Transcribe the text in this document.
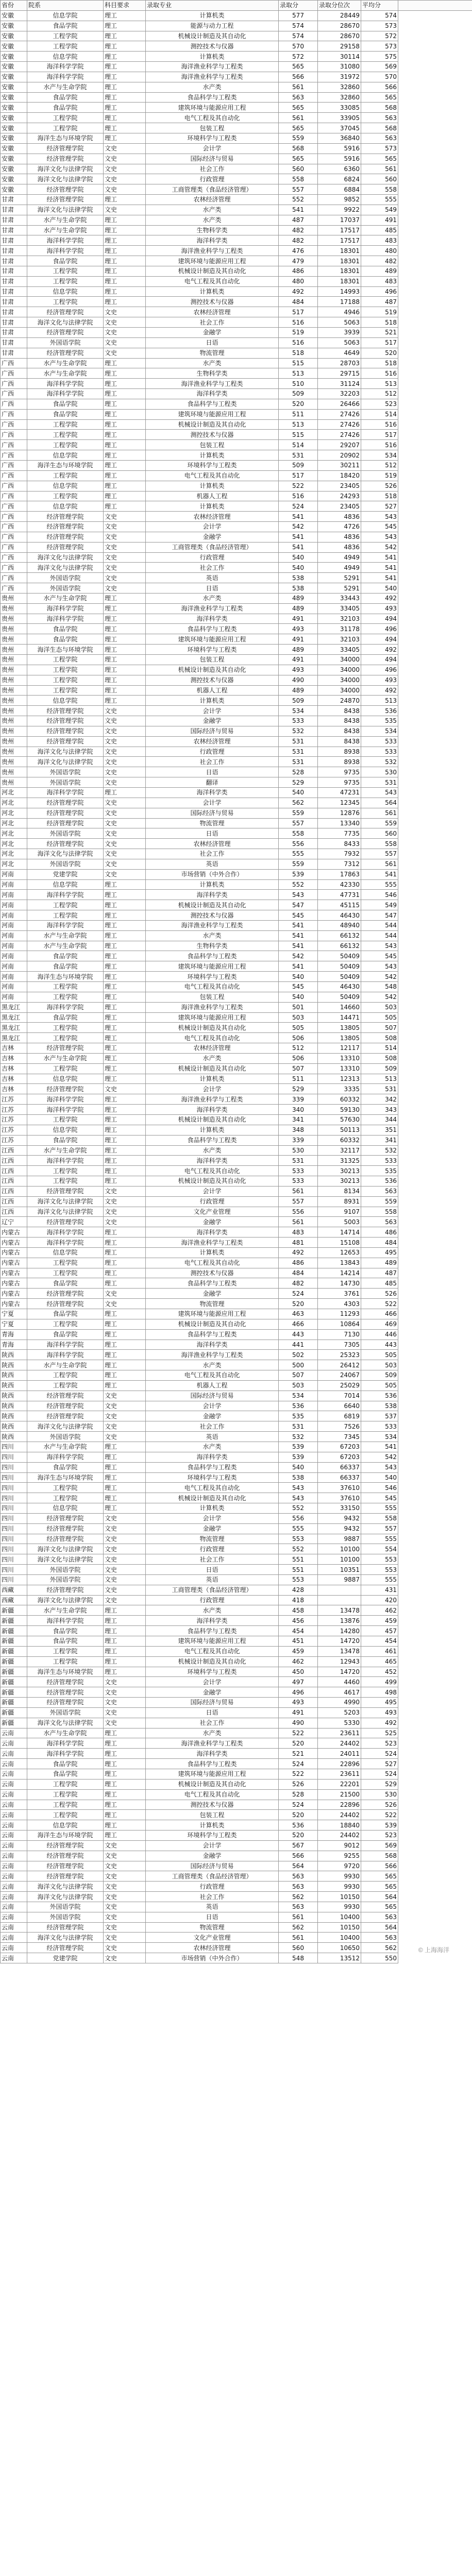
省份	院系	科目要求	录取专业	录取分	录取分位次	平均分	
安徽	信息学院	理工	计算机类	577	28449	574	
安徽	食品学院	理工	能源与动力工程	574	28670	573	
安徽	工程学院	理工	机械设计制造及其自动化	574	28670	572	
安徽	工程学院	理工	测控技术与仪器	570	29158	573	
安徽	信息学院	理工	计算机类	572	30114	575	
安徽	海洋科学学院	理工	海洋渔业科学与工程类	565	31080	569	
安徽	海洋科学学院	理工	海洋渔业科学与工程类	566	31972	570	
安徽	水产与生命学院	理工	水产类	561	32860	566	
安徽	食品学院	理工	食品科学与工程类	563	32860	565	
安徽	食品学院	理工	建筑环境与能源应用工程	565	33085	568	
安徽	工程学院	理工	电气工程及其自动化	561	33905	563	
安徽	工程学院	理工	包装工程	565	37045	568	
安徽	海洋生态与环境学院	理工	环境科学与工程类	559	36840	563	
安徽	经济管理学院	文史	会计学	568	5916	573	
安徽	经济管理学院	文史	国际经济与贸易	565	5916	565	
安徽	海洋文化与法律学院	文史	社会工作	560	6360	561	
安徽	海洋文化与法律学院	文史	行政管理	558	6824	560	
安徽	经济管理学院	文史	工商管理类（食品经济管理）	557	6884	558	
甘肃	经济管理学院	理工	农林经济管理	552	9852	555	
甘肃	海洋文化与法律学院	文史	水产类	541	9922	549	
甘肃	水产与生命学院	理工	水产类	487	17037	491	
甘肃	水产与生命学院	理工	生物科学类	482	17517	485	
甘肃	海洋科学学院	理工	海洋科学类	482	17517	483	
甘肃	海洋科学学院	理工	海洋渔业科学与工程类	476	18301	480	
甘肃	食品学院	理工	建筑环境与能源应用工程	479	18301	482	
甘肃	工程学院	理工	机械设计制造及其自动化	486	18301	489	
甘肃	工程学院	理工	电气工程及其自动化	480	18301	483	
甘肃	信息学院	理工	计算机类	492	14993	496	
甘肃	工程学院	理工	测控技术与仪器	484	17188	487	
甘肃	经济管理学院	文史	农林经济管理	517	4946	519	
甘肃	海洋文化与法律学院	文史	社会工作	516	5063	518	
甘肃	经济管理学院	文史	金融学	519	3939	521	
甘肃	外国语学院	文史	日语	516	5063	517	
甘肃	经济管理学院	文史	物流管理	518	4649	520	
广西	水产与生命学院	理工	水产类	515	28703	518	
广西	水产与生命学院	理工	生物科学类	513	29715	516	
广西	海洋科学学院	理工	海洋渔业科学与工程类	510	31124	513	
广西	海洋科学学院	理工	海洋科学类	509	32203	512	
广西	食品学院	理工	食品科学与工程类	520	26466	523	
广西	食品学院	理工	建筑环境与能源应用工程	511	27426	514	
广西	工程学院	理工	机械设计制造及其自动化	513	27426	516	
广西	工程学院	理工	测控技术与仪器	515	27426	517	
广西	工程学院	理工	包装工程	514	29207	516	
广西	信息学院	理工	计算机类	531	20902	534	
广西	海洋生态与环境学院	理工	环境科学与工程类	509	30211	512	
广西	工程学院	理工	电气工程及其自动化	517	18420	519	
广西	信息学院	理工	计算机类	522	23405	526	
广西	工程学院	理工	机器人工程	516	24293	518	
广西	信息学院	理工	计算机类	524	23405	527	
广西	经济管理学院	文史	农林经济管理	541	4836	543	
广西	经济管理学院	文史	会计学	542	4726	545	
广西	经济管理学院	文史	金融学	541	4836	543	
广西	经济管理学院	文史	工商管理类（食品经济管理）	541	4836	542	
广西	海洋文化与法律学院	文史	行政管理	540	4949	541	
广西	海洋文化与法律学院	文史	社会工作	540	4949	541	
广西	外国语学院	文史	英语	538	5291	541	
广西	外国语学院	文史	日语	538	5291	540	
贵州	水产与生命学院	理工	水产类	489	33443	492	
贵州	海洋科学学院	理工	海洋渔业科学与工程类	489	33405	493	
贵州	海洋科学学院	理工	海洋科学类	491	32103	494	
贵州	食品学院	理工	食品科学与工程类	493	31178	496	
贵州	食品学院	理工	建筑环境与能源应用工程	491	32103	494	
贵州	海洋生态与环境学院	理工	环境科学与工程类	489	33405	492	
贵州	工程学院	理工	包装工程	491	34000	494	
贵州	工程学院	理工	机械设计制造及其自动化	493	34000	496	
贵州	工程学院	理工	测控技术与仪器	490	34000	493	
贵州	工程学院	理工	机器人工程	489	34000	492	
贵州	信息学院	理工	计算机类	509	24870	513	
贵州	经济管理学院	文史	会计学	534	8438	536	
贵州	经济管理学院	文史	金融学	533	8438	535	
贵州	经济管理学院	文史	国际经济与贸易	532	8438	534	
贵州	经济管理学院	文史	农林经济管理	531	8438	533	
贵州	海洋文化与法律学院	文史	行政管理	531	8938	533	
贵州	海洋文化与法律学院	文史	社会工作	531	8938	532	
贵州	外国语学院	文史	日语	528	9735	530	
贵州	外国语学院	文史	翻译	529	9735	531	
河北	海洋科学学院	理工	海洋科学类	540	47231	543	
河北	经济管理学院	文史	会计学	562	12345	564	
河北	经济管理学院	文史	国际经济与贸易	559	12876	561	
河北	经济管理学院	文史	物流管理	557	13340	559	
河北	外国语学院	文史	日语	558	7735	560	
河北	经济管理学院	文史	农林经济管理	556	8433	558	
河北	海洋文化与法律学院	文史	社会工作	555	7932	557	
河北	外国语学院	文史	英语	559	7312	561	
河南	党建学院	文史	市场营销（中外合作）	539	17863	541	
河南	信息学院	理工	计算机类	552	42330	555	
河南	海洋科学学院	理工	海洋科学类	543	47731	546	
河南	工程学院	理工	机械设计制造及其自动化	547	45115	549	
河南	工程学院	理工	测控技术与仪器	545	46430	547	
河南	海洋科学学院	理工	海洋渔业科学与工程类	541	48940	544	
河南	水产与生命学院	理工	水产类	541	66132	544	
河南	水产与生命学院	理工	生物科学类	541	66132	543	
河南	食品学院	理工	食品科学与工程类	542	50409	545	
河南	食品学院	理工	建筑环境与能源应用工程	541	50409	543	
河南	海洋生态与环境学院	理工	环境科学与工程类	540	50409	542	
河南	工程学院	理工	电气工程及其自动化	545	46430	548	
河南	工程学院	理工	包装工程	540	50409	542	
黑龙江	海洋科学学院	理工	海洋渔业科学与工程类	501	14660	503	
黑龙江	食品学院	理工	建筑环境与能源应用工程	503	14471	505	
黑龙江	工程学院	理工	机械设计制造及其自动化	505	13805	507	
黑龙江	工程学院	理工	电气工程及其自动化	506	13805	508	
吉林	经济管理学院	理工	农林经济管理	512	12117	514	
吉林	水产与生命学院	理工	水产类	506	13310	508	
吉林	工程学院	理工	机械设计制造及其自动化	507	13310	509	
吉林	信息学院	理工	计算机类	511	12313	513	
吉林	经济管理学院	文史	会计学	529	3335	531	
江苏	海洋科学学院	理工	海洋渔业科学与工程类	339	60332	342	
江苏	海洋科学学院	理工	海洋科学类	340	59130	343	
江苏	工程学院	理工	机械设计制造及其自动化	341	57630	344	
江苏	信息学院	理工	计算机类	348	50113	351	
江苏	食品学院	理工	食品科学与工程类	339	60332	341	
江西	水产与生命学院	理工	水产类	530	32117	532	
江西	海洋科学学院	理工	海洋科学类	531	31325	533	
江西	工程学院	理工	电气工程及其自动化	533	30213	535	
江西	工程学院	理工	机械设计制造及其自动化	533	30213	536	
江西	经济管理学院	文史	会计学	561	8134	563	
江西	海洋文化与法律学院	文史	行政管理	557	8931	559	
江西	海洋文化与法律学院	文史	文化产业管理	556	9107	558	
辽宁	经济管理学院	文史	金融学	561	5003	563	
内蒙古	海洋科学学院	理工	海洋科学类	483	14714	486	
内蒙古	海洋科学学院	理工	海洋渔业科学与工程类	481	15108	484	
内蒙古	信息学院	理工	计算机类	492	12653	495	
内蒙古	工程学院	理工	电气工程及其自动化	486	13843	489	
内蒙古	工程学院	理工	测控技术与仪器	484	14214	487	
内蒙古	食品学院	理工	食品科学与工程类	482	14730	485	
内蒙古	经济管理学院	文史	金融学	524	3761	526	
内蒙古	经济管理学院	文史	物流管理	520	4303	522	
宁夏	食品学院	理工	建筑环境与能源应用工程	463	11293	466	
宁夏	工程学院	理工	机械设计制造及其自动化	466	10864	469	
青海	食品学院	理工	食品科学与工程类	443	7130	446	
青海	海洋科学学院	理工	海洋科学类	441	7305	443	
陕西	海洋科学学院	理工	海洋渔业科学与工程类	502	25323	505	
陕西	水产与生命学院	理工	水产类	500	26412	503	
陕西	工程学院	理工	电气工程及其自动化	507	24067	509	
陕西	工程学院	理工	机器人工程	503	25029	505	
陕西	经济管理学院	文史	国际经济与贸易	534	7014	536	
陕西	经济管理学院	文史	会计学	536	6640	538	
陕西	经济管理学院	文史	金融学	535	6819	537	
陕西	海洋文化与法律学院	文史	社会工作	531	7526	533	
陕西	外国语学院	文史	英语	532	7345	534	
四川	水产与生命学院	理工	水产类	539	67203	541	
四川	海洋科学学院	理工	海洋科学类	539	67203	542	
四川	食品学院	理工	食品科学与工程类	540	66337	543	
四川	海洋生态与环境学院	理工	环境科学与工程类	538	66337	540	
四川	工程学院	理工	电气工程及其自动化	543	37610	546	
四川	工程学院	理工	机械设计制造及其自动化	543	37610	545	
四川	信息学院	理工	计算机类	552	33150	555	
四川	经济管理学院	文史	会计学	556	9432	558	
四川	经济管理学院	文史	金融学	555	9432	557	
四川	经济管理学院	文史	物流管理	553	9887	555	
四川	海洋文化与法律学院	文史	行政管理	552	10100	554	
四川	海洋文化与法律学院	文史	社会工作	551	10100	553	
四川	外国语学院	文史	日语	551	10351	553	
四川	外国语学院	文史	英语	553	9887	555	
西藏	经济管理学院	文史	工商管理类（食品经济管理）	428		431	
西藏	海洋文化与法律学院	文史	行政管理	418		420	
新疆	水产与生命学院	理工	水产类	458	13478	462	
新疆	海洋科学学院	理工	海洋科学类	456	13876	459	
新疆	食品学院	理工	食品科学与工程类	454	14280	457	
新疆	食品学院	理工	建筑环境与能源应用工程	451	14720	454	
新疆	工程学院	理工	电气工程及其自动化	459	13478	461	
新疆	工程学院	理工	机械设计制造及其自动化	462	12943	465	
新疆	海洋生态与环境学院	理工	环境科学与工程类	450	14720	452	
新疆	经济管理学院	文史	会计学	497	4460	499	
新疆	经济管理学院	文史	金融学	496	4617	498	
新疆	经济管理学院	文史	国际经济与贸易	493	4990	495	
新疆	外国语学院	文史	日语	491	5203	493	
新疆	海洋文化与法律学院	文史	社会工作	490	5330	492	
云南	水产与生命学院	理工	水产类	522	23611	525	
云南	海洋科学学院	理工	海洋渔业科学与工程类	520	24402	523	
云南	海洋科学学院	理工	海洋科学类	521	24011	524	
云南	食品学院	理工	食品科学与工程类	524	22896	527	
云南	食品学院	理工	建筑环境与能源应用工程	522	23611	524	
云南	工程学院	理工	机械设计制造及其自动化	526	22201	529	
云南	工程学院	理工	电气工程及其自动化	528	21500	530	
云南	工程学院	理工	测控技术与仪器	524	22896	526	
云南	工程学院	理工	包装工程	520	24402	522	
云南	信息学院	理工	计算机类	536	18840	539	
云南	海洋生态与环境学院	理工	环境科学与工程类	520	24402	523	
云南	经济管理学院	文史	会计学	567	9012	569	
云南	经济管理学院	文史	金融学	566	9255	568	
云南	经济管理学院	文史	国际经济与贸易	564	9720	566	
云南	经济管理学院	文史	工商管理类（食品经济管理）	563	9930	565	
云南	海洋文化与法律学院	文史	行政管理	563	9930	565	
云南	海洋文化与法律学院	文史	社会工作	562	10150	564	
云南	外国语学院	文史	英语	563	9930	565	
云南	外国语学院	文史	日语	561	10400	563	
云南	经济管理学院	文史	物流管理	562	10150	564	
云南	海洋文化与法律学院	文史	文化产业管理	561	10400	563	
云南	经济管理学院	文史	农林经济管理	560	10650	562	
云南	党建学院	文史	市场营销（中外合作）	548	13512	550	
© 上海海洋
